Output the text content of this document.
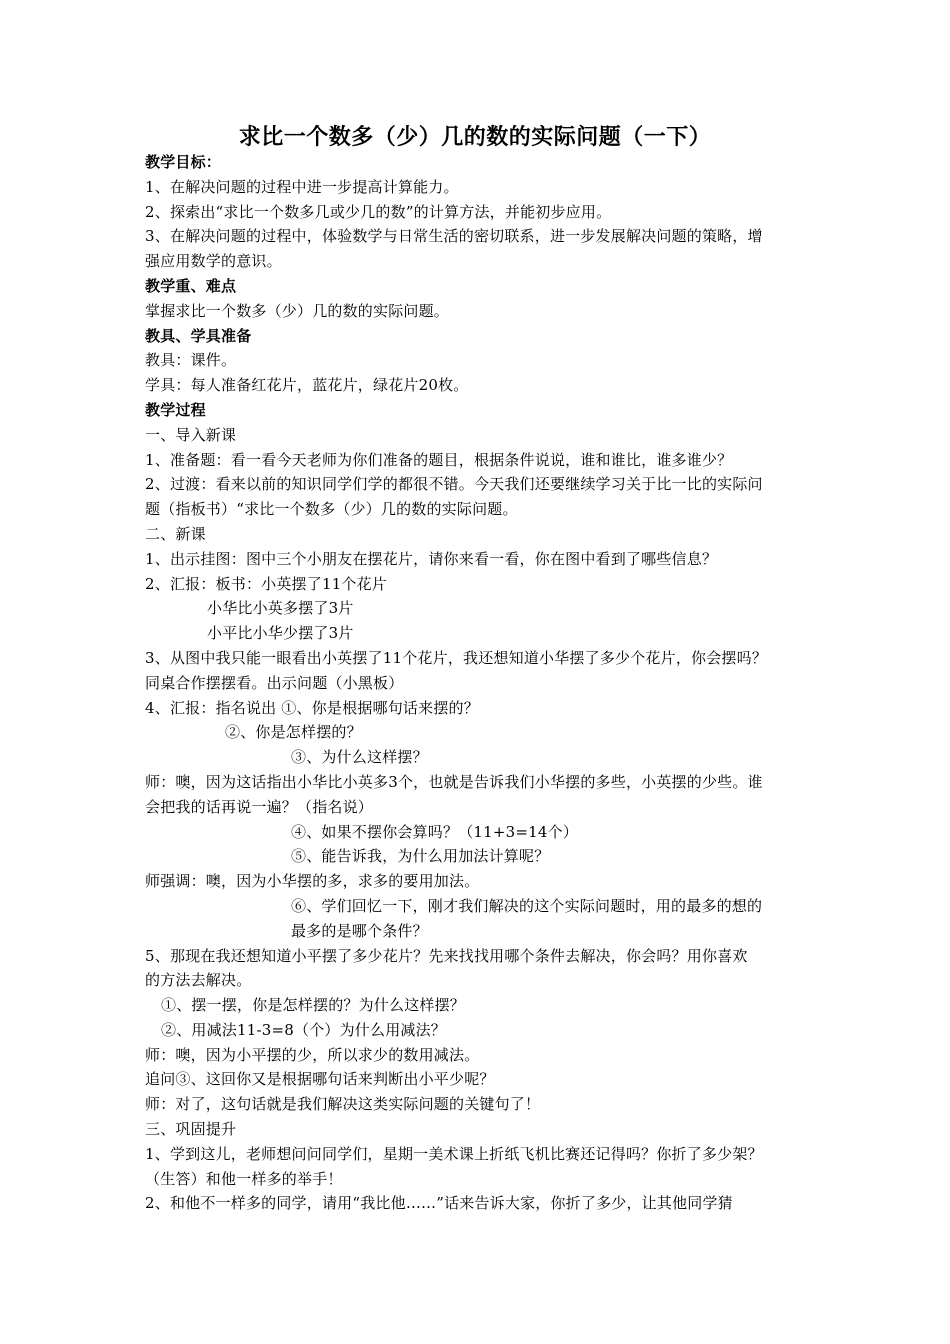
求比一个数多（少）几的数的实际问题（一下）
教学目标：
1、在解决问题的过程中进一步提高计算能力。
2、探索出“求比一个数多几或少几的数”的计算方法，并能初步应用。
3、在解决问题的过程中，体验数学与日常生活的密切联系，进一步发展解决问题的策略，增
强应用数学的意识。
教学重、难点
掌握求比一个数多（少）几的数的实际问题。
教具、学具准备
教具：课件。
学具：每人准备红花片，蓝花片，绿花片20枚。
教学过程
一、导入新课
1、准备题：看一看今天老师为你们准备的题目，根据条件说说，谁和谁比，谁多谁少？
2、过渡：看来以前的知识同学们学的都很不错。今天我们还要继续学习关于比一比的实际问
题（指板书）“求比一个数多（少）几的数的实际问题。
二、新课
1、出示挂图：图中三个小朋友在摆花片，请你来看一看，你在图中看到了哪些信息？
2、汇报：板书：小英摆了11个花片
小华比小英多摆了3片
小平比小华少摆了3片
3、从图中我只能一眼看出小英摆了11个花片，我还想知道小华摆了多少个花片，你会摆吗？
同桌合作摆摆看。出示问题（小黑板）
4、汇报：指名说出 ①、你是根据哪句话来摆的？
②、你是怎样摆的？
③、为什么这样摆？
师：噢，因为这话指出小华比小英多3个，也就是告诉我们小华摆的多些，小英摆的少些。谁
会把我的话再说一遍？（指名说）
④、如果不摆你会算吗？（11+3=14个）
⑤、能告诉我，为什么用加法计算呢？
师强调：噢，因为小华摆的多，求多的要用加法。
⑥、学们回忆一下，刚才我们解决的这个实际问题时，用的最多的想的
最多的是哪个条件？
5、那现在我还想知道小平摆了多少花片？先来找找用哪个条件去解决，你会吗？用你喜欢
的方法去解决。
①、摆一摆，你是怎样摆的？为什么这样摆？
②、用减法11-3=8（个）为什么用减法？
师：噢，因为小平摆的少，所以求少的数用减法。
追问③、这回你又是根据哪句话来判断出小平少呢？
师：对了，这句话就是我们解决这类实际问题的关键句了！
三、巩固提升
1、学到这儿，老师想问问同学们，星期一美术课上折纸飞机比赛还记得吗？你折了多少架？
（生答）和他一样多的举手！
2、和他不一样多的同学，请用“我比他……”话来告诉大家，你折了多少，让其他同学猜
